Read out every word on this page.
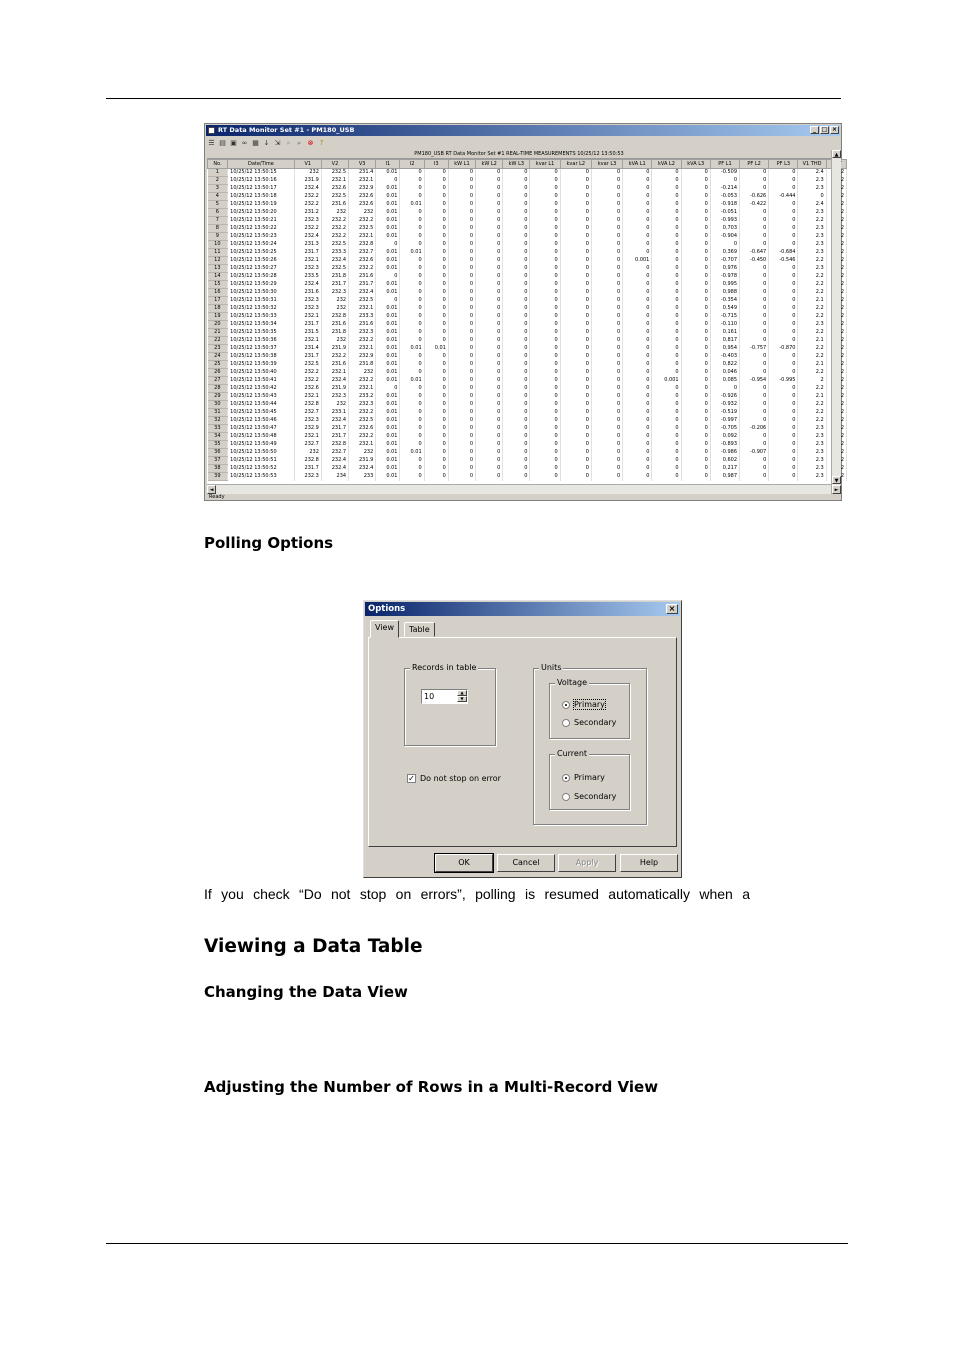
RT Data Monitor Set #1 - PM180_USB	_ □ ×
☰ ▤ ▣ ∞ ▦ ↓ ⇲ »	▸ ⊗ ?
PM180_USB RT Data Monitor Set #1 REAL-TIME MEASUREMENTS 10/25/12 13:50:53
No.	Date/Time	V1	V2	V3	I1	I2	I3	kW L1	kW L2	kW L3	kvar L1	kvar L2	kvar L3	kVA L1	kVA L2	kVA L3	PF L1	PF L2	PF L3	V1 THD	
1	10/25/12 13:50:15	232	232.5	231.4	0.01	0	0	0	0	0	0	0	0	0	0	0	-0.509	0	0	2.4	2
2	10/25/12 13:50:16	231.9	232.1	232.1	0	0	0	0	0	0	0	0	0	0	0	0	0	0	0	2.3	2
3	10/25/12 13:50:17	232.4	232.6	232.9	0.01	0	0	0	0	0	0	0	0	0	0	0	-0.214	0	0	2.3	2
4	10/25/12 13:50:18	232.2	232.5	232.6	0.01	0	0	0	0	0	0	0	0	0	0	0	-0.053	-0.626	-0.444	0	2
5	10/25/12 13:50:19	232.2	231.6	232.6	0.01	0.01	0	0	0	0	0	0	0	0	0	0	-0.918	-0.422	0	2.4	2
6	10/25/12 13:50:20	231.2	232	232	0.01	0	0	0	0	0	0	0	0	0	0	0	-0.051	0	0	2.3	2
7	10/25/12 13:50:21	232.3	232.2	232.2	0.01	0	0	0	0	0	0	0	0	0	0	0	-0.993	0	0	2.2	2
8	10/25/12 13:50:22	232.2	232.2	232.5	0.01	0	0	0	0	0	0	0	0	0	0	0	0.703	0	0	2.3	2
9	10/25/12 13:50:23	232.4	232.2	232.1	0.01	0	0	0	0	0	0	0	0	0	0	0	-0.904	0	0	2.3	2
10	10/25/12 13:50:24	231.3	232.5	232.8	0	0	0	0	0	0	0	0	0	0	0	0	0	0	0	2.3	2
11	10/25/12 13:50:25	231.7	233.3	232.7	0.01	0.01	0	0	0	0	0	0	0	0	0	0	0.369	-0.647	-0.684	2.3	2
12	10/25/12 13:50:26	232.1	232.4	232.6	0.01	0	0	0	0	0	0	0	0	0.001	0	0	-0.707	-0.450	-0.546	2.2	2
13	10/25/12 13:50:27	232.3	232.5	232.2	0.01	0	0	0	0	0	0	0	0	0	0	0	0.976	0	0	2.3	2
14	10/25/12 13:50:28	233.5	231.8	231.6	0	0	0	0	0	0	0	0	0	0	0	0	-0.978	0	0	2.2	2
15	10/25/12 13:50:29	232.4	231.7	231.7	0.01	0	0	0	0	0	0	0	0	0	0	0	0.995	0	0	2.2	2
16	10/25/12 13:50:30	231.6	232.3	232.4	0.01	0	0	0	0	0	0	0	0	0	0	0	0.988	0	0	2.2	2
17	10/25/12 13:50:31	232.3	232	232.5	0	0	0	0	0	0	0	0	0	0	0	0	-0.354	0	0	2.1	2
18	10/25/12 13:50:32	232.3	232	232.1	0.01	0	0	0	0	0	0	0	0	0	0	0	0.549	0	0	2.2	2
19	10/25/12 13:50:33	232.1	232.8	233.3	0.01	0	0	0	0	0	0	0	0	0	0	0	-0.715	0	0	2.2	2
20	10/25/12 13:50:34	231.7	231.6	231.6	0.01	0	0	0	0	0	0	0	0	0	0	0	-0.110	0	0	2.3	2
21	10/25/12 13:50:35	231.5	231.8	232.3	0.01	0	0	0	0	0	0	0	0	0	0	0	0.161	0	0	2.2	2
22	10/25/12 13:50:36	232.1	232	232.2	0.01	0	0	0	0	0	0	0	0	0	0	0	0.817	0	0	2.1	2
23	10/25/12 13:50:37	231.4	231.9	232.1	0.01	0.01	0.01	0	0	0	0	0	0	0	0	0	0.954	-0.757	-0.870	2.2	2
24	10/25/12 13:50:38	231.7	232.2	232.9	0.01	0	0	0	0	0	0	0	0	0	0	0	-0.403	0	0	2.2	2
25	10/25/12 13:50:39	232.5	231.6	231.8	0.01	0	0	0	0	0	0	0	0	0	0	0	0.822	0	0	2.1	2
26	10/25/12 13:50:40	232.2	232.1	232	0.01	0	0	0	0	0	0	0	0	0	0	0	0.046	0	0	2.2	2
27	10/25/12 13:50:41	232.2	232.4	232.2	0.01	0.01	0	0	0	0	0	0	0	0	0.001	0	0.085	-0.954	-0.995	2	2
28	10/25/12 13:50:42	232.6	231.9	232.1	0	0	0	0	0	0	0	0	0	0	0	0	0	0	0	2.2	2
29	10/25/12 13:50:43	232.1	232.3	233.2	0.01	0	0	0	0	0	0	0	0	0	0	0	-0.926	0	0	2.1	2
30	10/25/12 13:50:44	232.8	232	232.3	0.01	0	0	0	0	0	0	0	0	0	0	0	-0.932	0	0	2.2	2
31	10/25/12 13:50:45	232.7	233.1	232.2	0.01	0	0	0	0	0	0	0	0	0	0	0	-0.519	0	0	2.2	2
32	10/25/12 13:50:46	232.3	232.4	232.5	0.01	0	0	0	0	0	0	0	0	0	0	0	-0.997	0	0	2.2	2
33	10/25/12 13:50:47	232.9	231.7	232.6	0.01	0	0	0	0	0	0	0	0	0	0	0	-0.705	-0.206	0	2.3	2
34	10/25/12 13:50:48	232.1	231.7	232.2	0.01	0	0	0	0	0	0	0	0	0	0	0	0.092	0	0	2.3	2
35	10/25/12 13:50:49	232.7	232.8	232.1	0.01	0	0	0	0	0	0	0	0	0	0	0	-0.893	0	0	2.3	2
36	10/25/12 13:50:50	232	232.7	232	0.01	0.01	0	0	0	0	0	0	0	0	0	0	-0.986	-0.907	0	2.3	2
37	10/25/12 13:50:51	232.8	232.4	231.9	0.01	0	0	0	0	0	0	0	0	0	0	0	0.602	0	0	2.3	2
38	10/25/12 13:50:52	231.7	232.4	232.4	0.01	0	0	0	0	0	0	0	0	0	0	0	0.217	0	0	2.3	2
39	10/25/12 13:50:53	232.3	234	233	0.01	0	0	0	0	0	0	0	0	0	0	0	0.987	0	0	2.3	2
▲
▼
◄	►
Ready
Polling Options
Options	×
View	Table
Records in table
10	▲
▼
Units
Voltage
Primary
Secondary
Current
Primary
Secondary
✓ Do not stop on error
OK	Cancel	Apply	Help
If you check “Do not stop on errors”, polling is resumed automatically when a
Viewing a Data Table
Changing the Data View
Adjusting the Number of Rows in a Multi-Record View
